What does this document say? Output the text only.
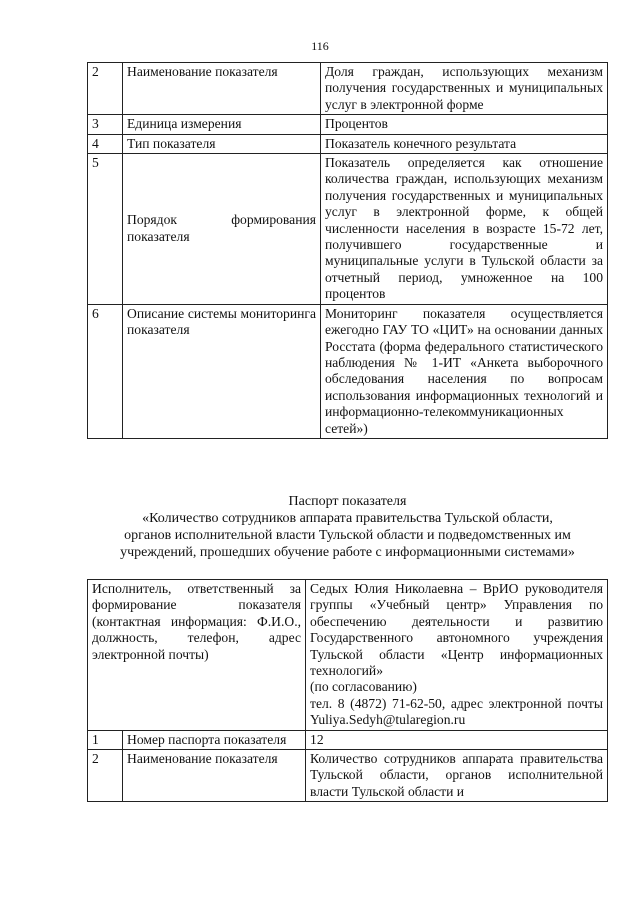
116
2	Наименование показателя	Доля граждан, использующих механизм получения государственных и муниципальных услуг в электронной форме
3	Единица измерения	Процентов
4	Тип показателя	Показатель конечного результата
5	Порядок формирования показателя	Показатель определяется как отношение количества граждан, использующих механизм получения государственных и муниципальных услуг в электронной форме, к общей численности населения в возрасте 15-72 лет, получившего государственные и муниципальные услуги в Тульской области за отчетный период, умноженное на 100 процентов
6	Описание системы мониторинга показателя	Мониторинг показателя осуществляется ежегодно ГАУ ТО «ЦИТ» на основании данных Росстата (форма федерального статистического наблюдения № 1-ИТ «Анкета выборочного обследования населения по вопросам использования информационных технологий и информационно-телекоммуникационных сетей»)
Паспорт показателя
«Количество сотрудников аппарата правительства Тульской области,
органов исполнительной власти Тульской области и подведомственных им
учреждений, прошедших обучение работе с информационными системами»
Исполнитель, ответственный за формирование показателя (контактная информация: Ф.И.О., должность, телефон, адрес электронной почты)		Седых Юлия Николаевна – ВрИО руководителя группы «Учебный центр» Управления по обеспечению деятельности и развитию Государственного автономного учреждения Тульской области «Центр информационных технологий»
(по согласованию)
тел. 8 (4872) 71-62-50, адрес электронной почты Yuliya.Sedyh@tularegion.ru

1	Номер паспорта показателя	12
2	Наименование показателя	Количество сотрудников аппарата правительства Тульской области, органов исполнительной власти Тульской области и
